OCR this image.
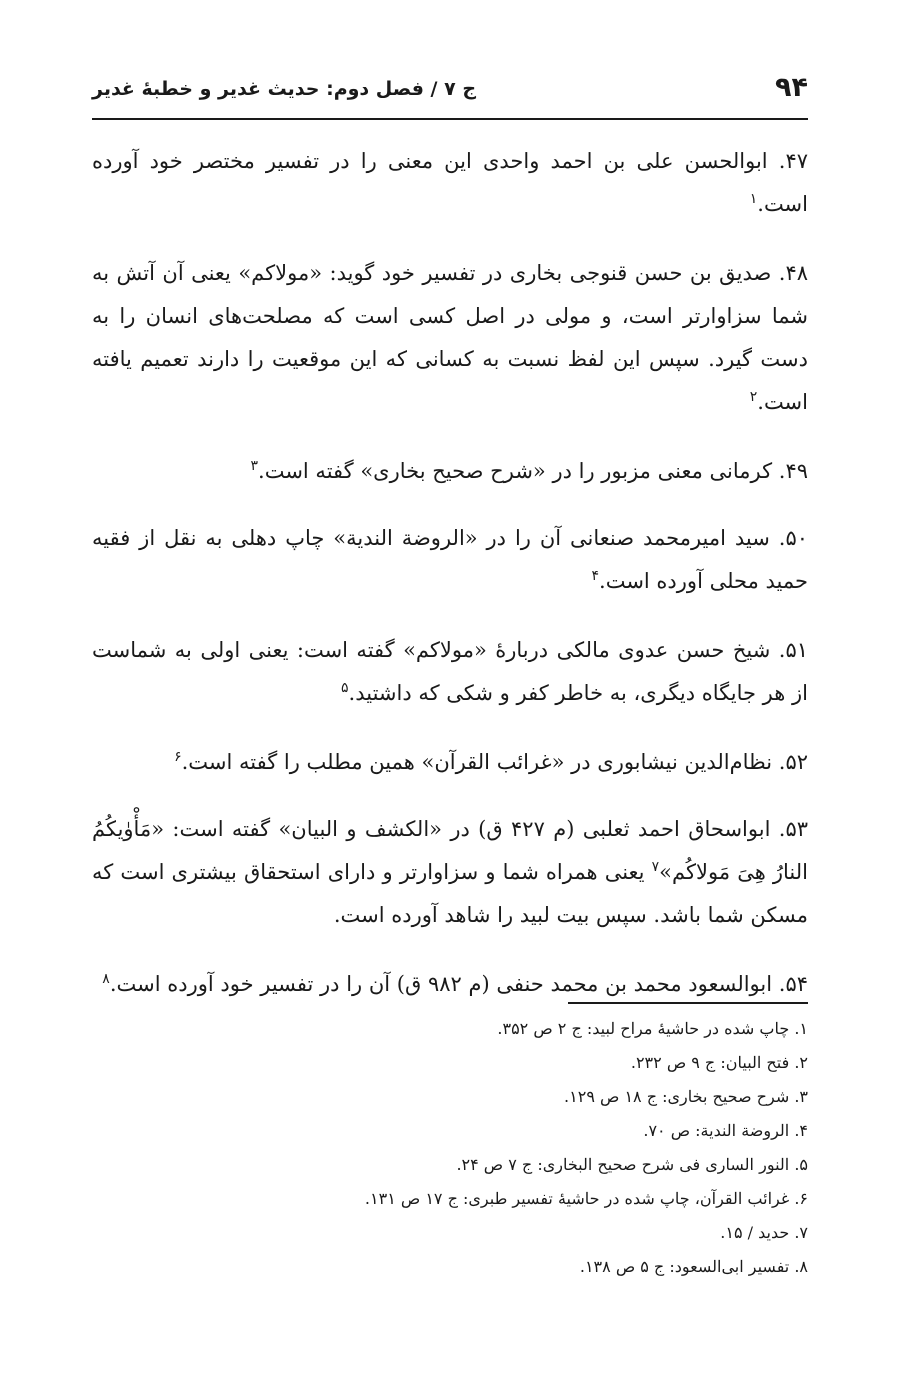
۹۴
ج ۷ / فصل دوم: حدیث غدیر و خطبهٔ غدیر

۴۷. ابوالحسن علی بن احمد واحدی این معنی را در تفسیر مختصر خود آورده است.$^۱$

۴۸. صدیق بن حسن قنوجی بخاری در تفسیر خود گوید: «مولاکم» یعنی آن آتش به شما سزاوارتر است، و مولی در اصل کسی است که مصلحت‌های انسان را به دست گیرد. سپس این لفظ نسبت به کسانی که این موقعیت را دارند تعمیم یافته است.$^۲$

۴۹. کرمانی معنی مزبور را در «شرح صحیح بخاری» گفته است.$^۳$

۵۰. سید امیرمحمد صنعانی آن را در «الروضة الندیة» چاپ دهلی به نقل از فقیه حمید محلی آورده است.$^۴$

۵۱. شیخ حسن عدوی مالکی دربارهٔ «مولاکم» گفته است: یعنی اولی به شماست از هر جایگاه دیگری، به خاطر کفر و شکی که داشتید.$^۵$

۵۲. نظام‌الدین نیشابوری در «غرائب القرآن» همین مطلب را گفته است.$^۶$

۵۳. ابواسحاق احمد ثعلبی (م ۴۲۷ ق) در «الکشف و البیان» گفته است: «مَأْوٰیکُمُ النارُ هِیَ مَولاکُم»$^۷$ یعنی همراه شما و سزاوارتر و دارای استحقاق بیشتری است که مسکن شما باشد. سپس بیت لبید را شاهد آورده است.

۵۴. ابوالسعود محمد بن محمد حنفی (م ۹۸۲ ق) آن را در تفسیر خود آورده است.$^۸$

۱. چاپ شده در حاشیهٔ مراح لبید: ج ۲ ص ۳۵۲.
۲. فتح البیان: ج ۹ ص ۲۳۲.
۳. شرح صحیح بخاری: ج ۱۸ ص ۱۲۹.
۴. الروضة الندیة: ص ۷۰.
۵. النور الساری فی شرح صحیح البخاری: ج ۷ ص ۲۴.
۶. غرائب القرآن، چاپ شده در حاشیهٔ تفسیر طبری: ج ۱۷ ص ۱۳۱.
۷. حدید / ۱۵.
۸. تفسیر ابی‌السعود: ج ۵ ص ۱۳۸.
